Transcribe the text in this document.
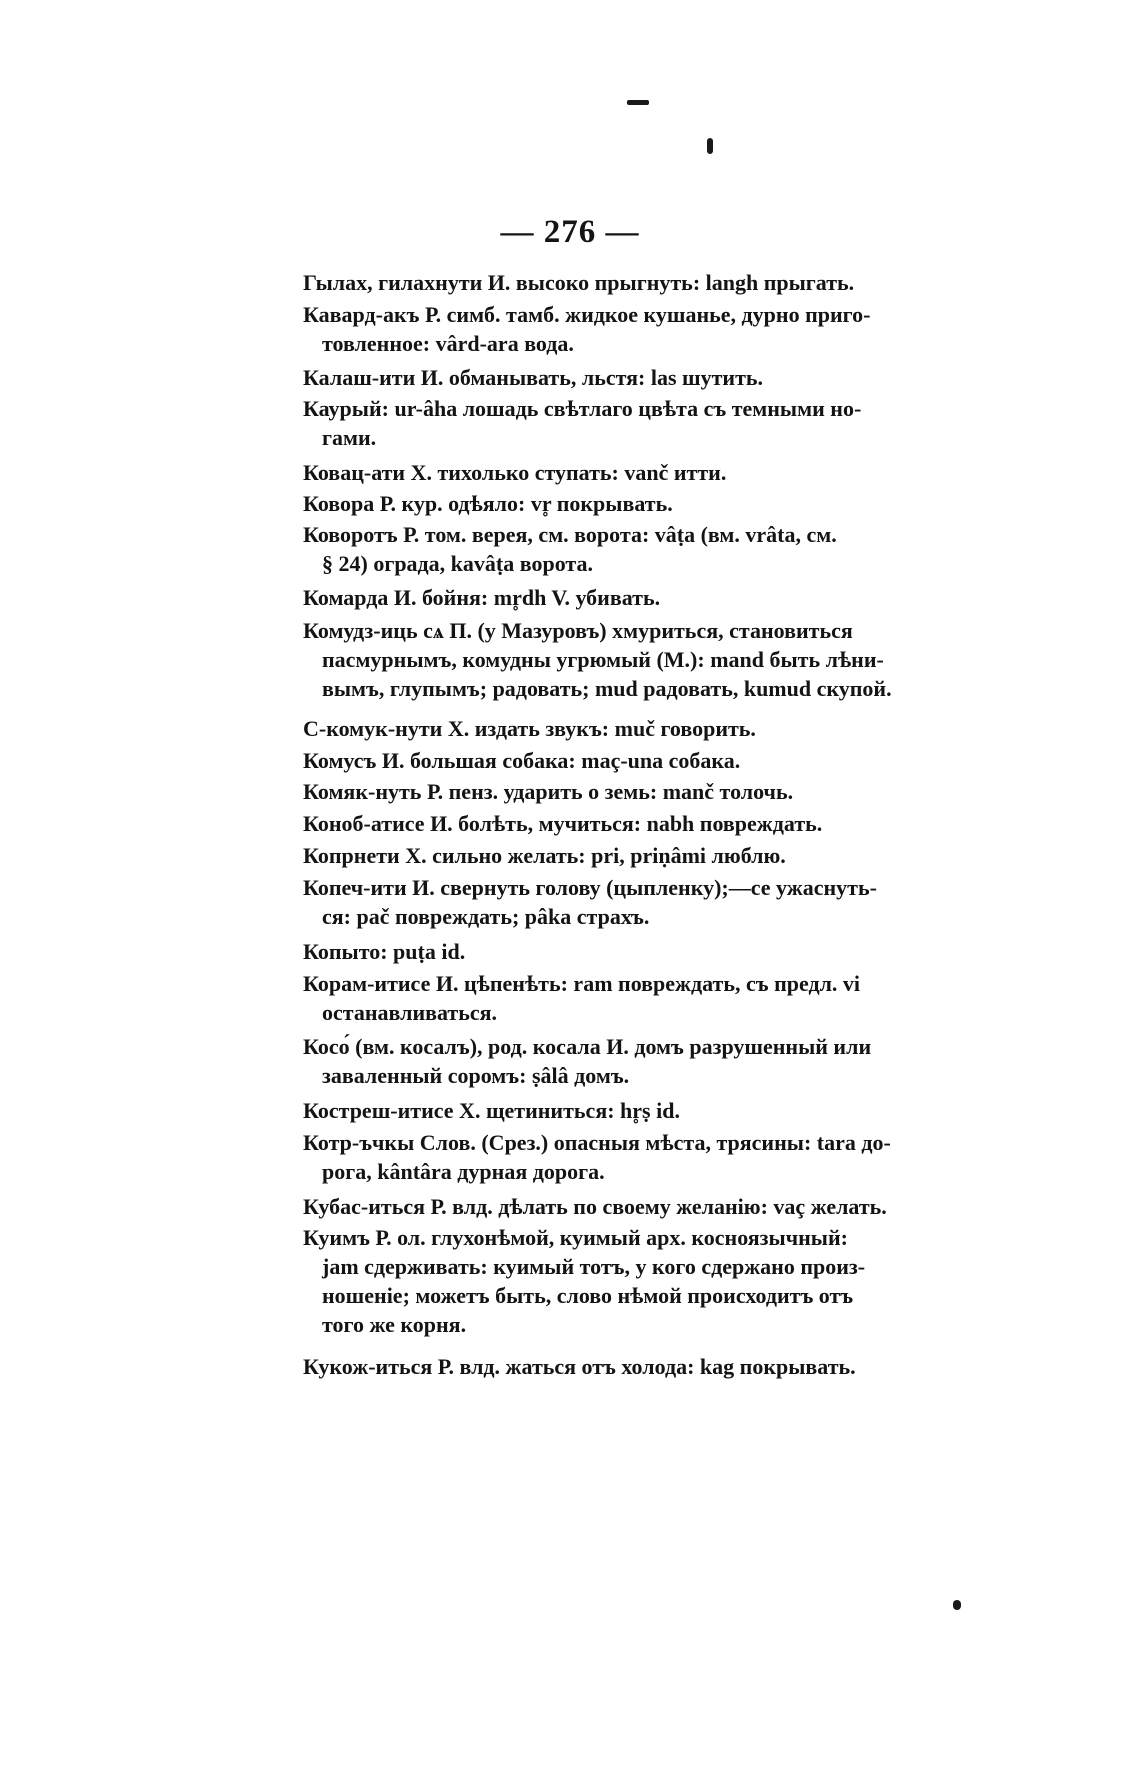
— 276 —
Гылах, гилахнути И. высоко прыгнуть: langh прыгать.
Кавард-акъ Р. симб. тамб. жидкое кушанье, дурно приго-
товленное: vârd-ara вода.
Калаш-ити И. обманывать, льстя: las шутить.
Каурый: ur-âha лошадь свѣтлаго цвѣта съ темными но-
гами.
Ковац-ати X. тихолько ступать: vanč итти.
Ковора Р. кур. одѣяло: vr̥ покрывать.
Коворотъ Р. том. верея, см. ворота: vâṭa (вм. vrâta, см.
§ 24) ограда, kavâṭa ворота.
Комарда И. бойня: mr̥dh V. убивать.
Комудз-иць сѧ П. (у Мазуровъ) хмуриться, становиться
пасмурнымъ, комудны угрюмый (М.): mand быть лѣни-
вымъ, глупымъ; радовать; mud радовать, kumud скупой.
С-комук-нути X. издать звукъ: muč говорить.
Комусъ И. большая собака: maç-una собака.
Комяк-нуть Р. пенз. ударить о земь: manč толочь.
Коноб-атисе И. болѣть, мучиться: nabh повреждать.
Копрнети X. сильно желать: pri, priṇâmi люблю.
Копеч-ити И. свернуть голову (цыпленку);—се ужаснуть-
ся: pač повреждать; pâka страхъ.
Копыто: puṭa id.
Корам-итисе И. цѣпенѣть: ram повреждать, съ предл. vi
останавливаться.
Косо́ (вм. косалъ), род. косала И. домъ разрушенный или
заваленный соромъ: ṣâlâ домъ.
Костреш-итисе X. щетиниться: hr̥ṣ id.
Котр-ъчкы Слов. (Срез.) опасныя мѣста, трясины: tara до-
рога, kântâra дурная дорога.
Кубас-иться Р. влд. дѣлать по своему желанію: vaç желать.
Куимъ Р. ол. глухонѣмой, куимый арх. косноязычный:
jam сдерживать: куимый тотъ, у кого сдержано произ-
ношеніе; можетъ быть, слово нѣмой происходитъ отъ
того же корня.
Кукож-иться Р. влд. жаться отъ холода: kag покрывать.
